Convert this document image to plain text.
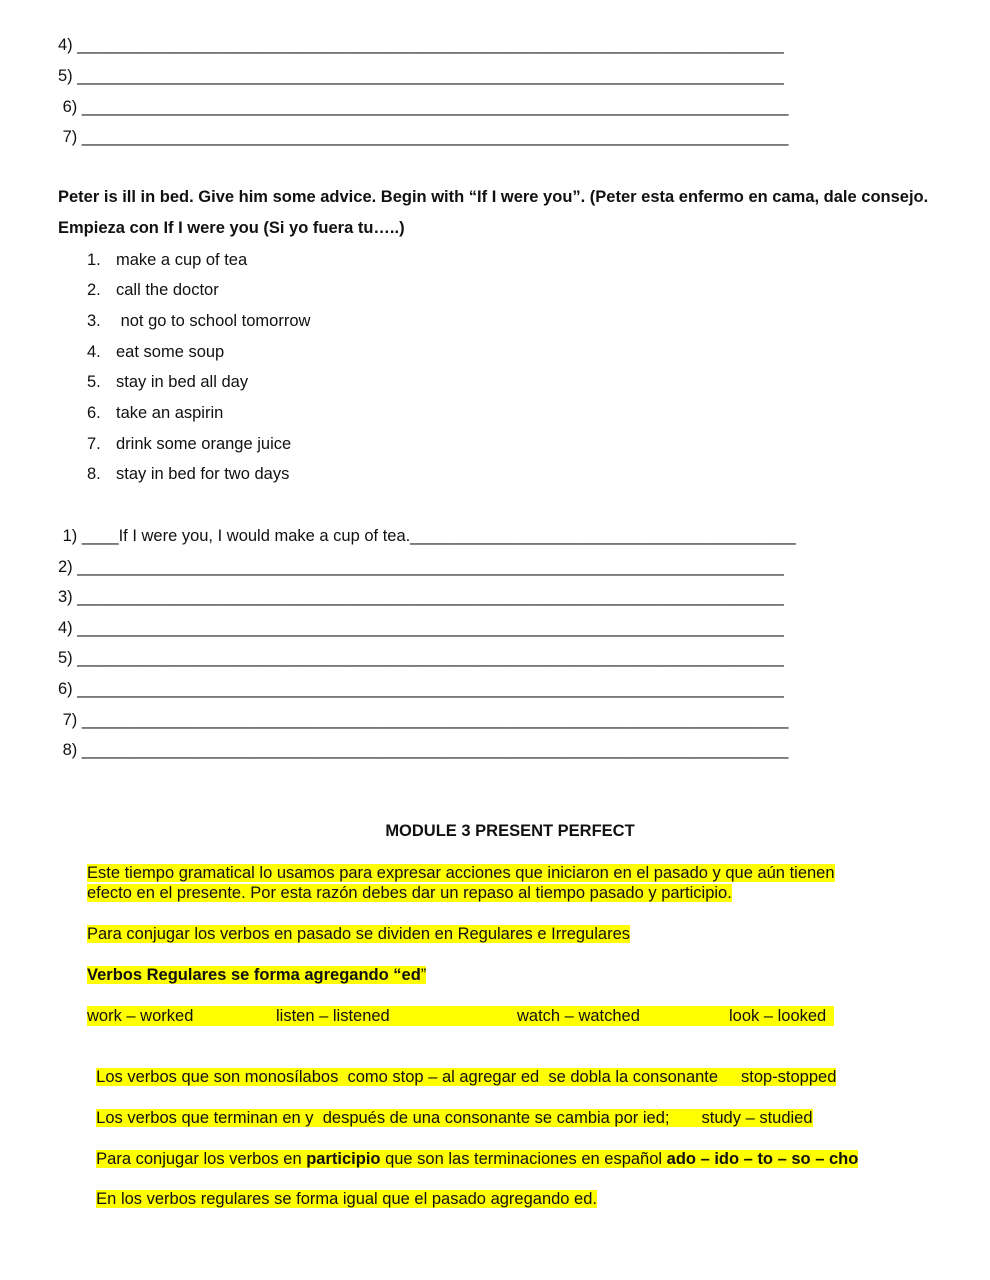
4) _____________________________________________________________________________
5) _____________________________________________________________________________
6) _____________________________________________________________________________
7) _____________________________________________________________________________
Peter is ill in bed. Give him some advice. Begin with “If I were you”. (Peter esta enfermo en cama, dale consejo. Empieza con If I were you (Si yo fuera tu…..)
1. make a cup of tea
2. call the doctor
3. not go to school tomorrow
4. eat some soup
5. stay in bed all day
6. take an aspirin
7. drink some orange juice
8. stay in bed for two days
1) ____If I were you, I would make a cup of tea.__________________________________________
2) _____________________________________________________________________________
3) _____________________________________________________________________________
4) _____________________________________________________________________________
5) _____________________________________________________________________________
6) _____________________________________________________________________________
7) _____________________________________________________________________________
8) _____________________________________________________________________________
MODULE 3 PRESENT PERFECT
Este tiempo gramatical lo usamos para expresar acciones que iniciaron en el pasado y que aún tienen
efecto en el presente. Por esta razón debes dar un repaso al tiempo pasado y participio.
Para conjugar los verbos en pasado se dividen en Regulares e Irregulares
Verbos Regulares se forma agregando “ed”
work – worked	listen – listened	watch – watched	look – looked

Los verbos que son monosílabos  como stop – al agregar ed  se dobla la consonante     stop-stopped

Los verbos que terminan en y  después de una consonante se cambia por ied;       study – studied

Para conjugar los verbos en participio que son las terminaciones en español ado – ido – to – so – cho

En los verbos regulares se forma igual que el pasado agregando ed.
